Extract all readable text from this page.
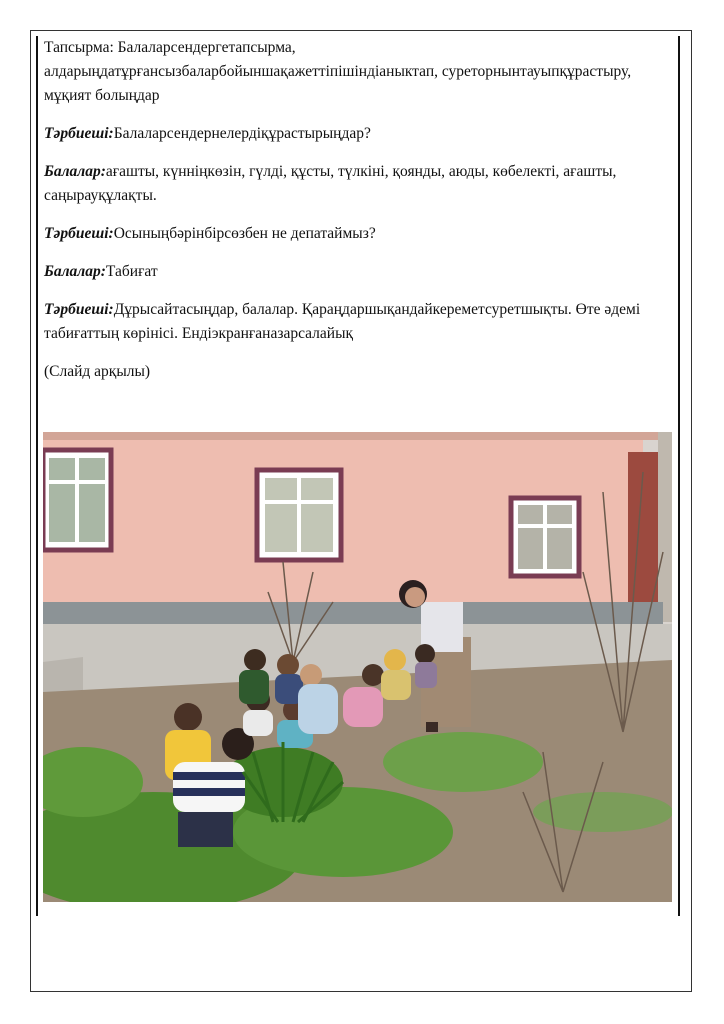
Тапсырма: Балаларсендергетапсырма, алдарыңдатұрғансызбаларбойыншақажеттіпішіндіаныктап, суреторнынтауыпқұрастыру, мұқият болыңдар

Тәрбиеші:Балаларсендернелердіқұрастырыңдар?

Балалар:ағашты, күнніңкөзін, гүлді, құсты, түлкіні, қоянды, аюды, көбелекті, ағашты, саңырауқұлақты.

Тәрбиеші:Осыныңбәрінбірсөзбен не депатаймыз?

Балалар:Табиғат

Тәрбиеші:Дұрысайтасыңдар, балалар. Қараңдаршықандайкереметсуретшықты. Өте әдемі табиғаттың көрінісі. Ендіэкранғаназарсалайық

(Слайд арқылы)
